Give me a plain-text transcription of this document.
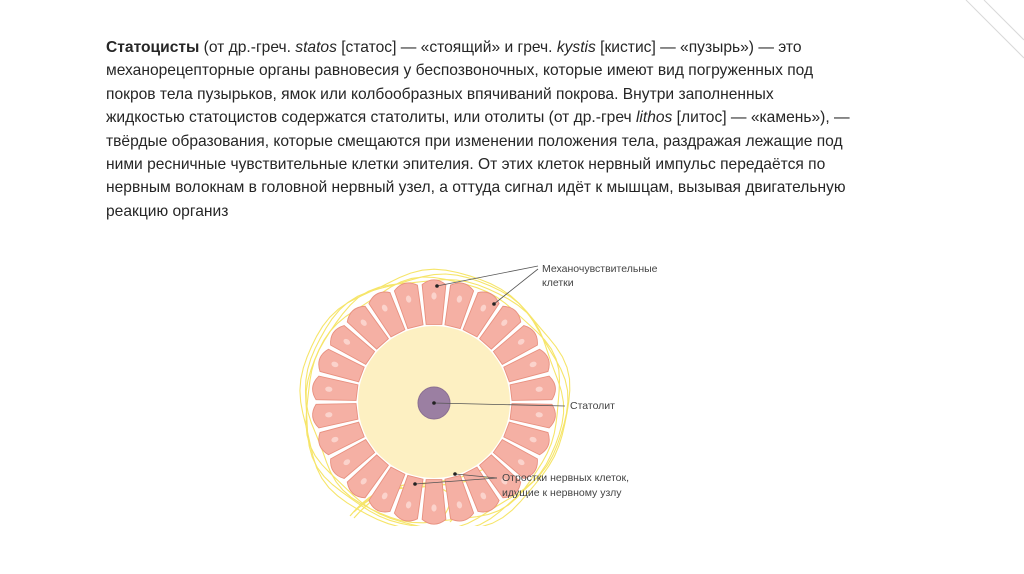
Статоцисты (от др.-греч. statos [статос] — «стоящий» и греч. kystis [кистис] — «пузырь») — это
механорецепторные органы равновесия у беспозвоночных, которые имеют вид погруженных под
покров тела пузырьков, ямок или колбообразных впячиваний покрова. Внутри заполненных
жидкостью статоцистов содержатся статолиты, или отолиты (от др.-греч lithos [литос] — «камень»), —
твёрдые образования, которые смещаются при изменении положения тела, раздражая лежащие под
ними ресничные чувствительные клетки эпителия. От этих клеток нервный импульс передаётся по
нервным волокнам в головной нервный узел, а оттуда сигнал идёт к мышцам, вызывая двигательную
реакцию организ

Механочувствительные
клетки
Статолит
Отростки нервных клеток,
идущие к нервному узлу
